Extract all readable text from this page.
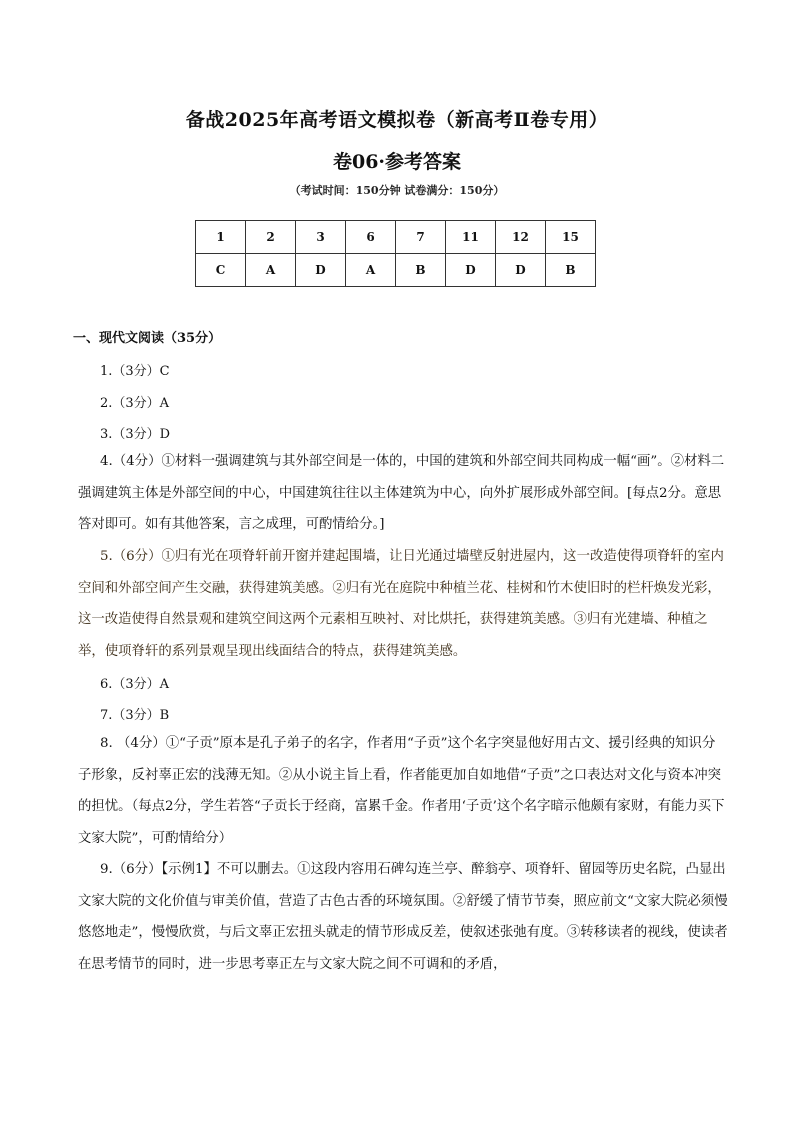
备战2025年高考语文模拟卷（新高考Ⅱ卷专用）
卷06·参考答案
（考试时间：150分钟 试卷满分：150分）
1	2	3	6	7	11	12	15
C	A	D	A	B	D	D	B
一、现代文阅读（35分）
1.（3分）C
2.（3分）A
3.（3分）D
4.（4分）①材料一强调建筑与其外部空间是一体的，中国的建筑和外部空间共同构成一幅“画”。②材料二强调建筑主体是外部空间的中心，中国建筑往往以主体建筑为中心，向外扩展形成外部空间。[每点2分。意思答对即可。如有其他答案，言之成理，可酌情给分。]
5.（6分）①归有光在项脊轩前开窗并建起围墙，让日光通过墙壁反射进屋内，这一改造使得项脊轩的室内空间和外部空间产生交融，获得建筑美感。②归有光在庭院中种植兰花、桂树和竹木使旧时的栏杆焕发光彩，这一改造使得自然景观和建筑空间这两个元素相互映衬、对比烘托，获得建筑美感。③归有光建墙、种植之举，使项脊轩的系列景观呈现出线面结合的特点，获得建筑美感。
6.（3分）A
7.（3分）B
8. （4分）①“子贡”原本是孔子弟子的名字，作者用“子贡”这个名字突显他好用古文、援引经典的知识分子形象，反衬辜正宏的浅薄无知。②从小说主旨上看，作者能更加自如地借“子贡”之口表达对文化与资本冲突的担忧。（每点2分，学生若答“子贡长于经商，富累千金。作者用‘子贡’这个名字暗示他颇有家财，有能力买下文家大院”，可酌情给分）
9.（6分）【示例1】不可以删去。①这段内容用石碑勾连兰亭、醉翁亭、项脊轩、留园等历史名院，凸显出文家大院的文化价值与审美价值，营造了古色古香的环境氛围。②舒缓了情节节奏，照应前文“文家大院必须慢悠悠地走”，慢慢欣赏，与后文辜正宏扭头就走的情节形成反差，使叙述张弛有度。③转移读者的视线，使读者在思考情节的同时，进一步思考辜正左与文家大院之间不可调和的矛盾，
